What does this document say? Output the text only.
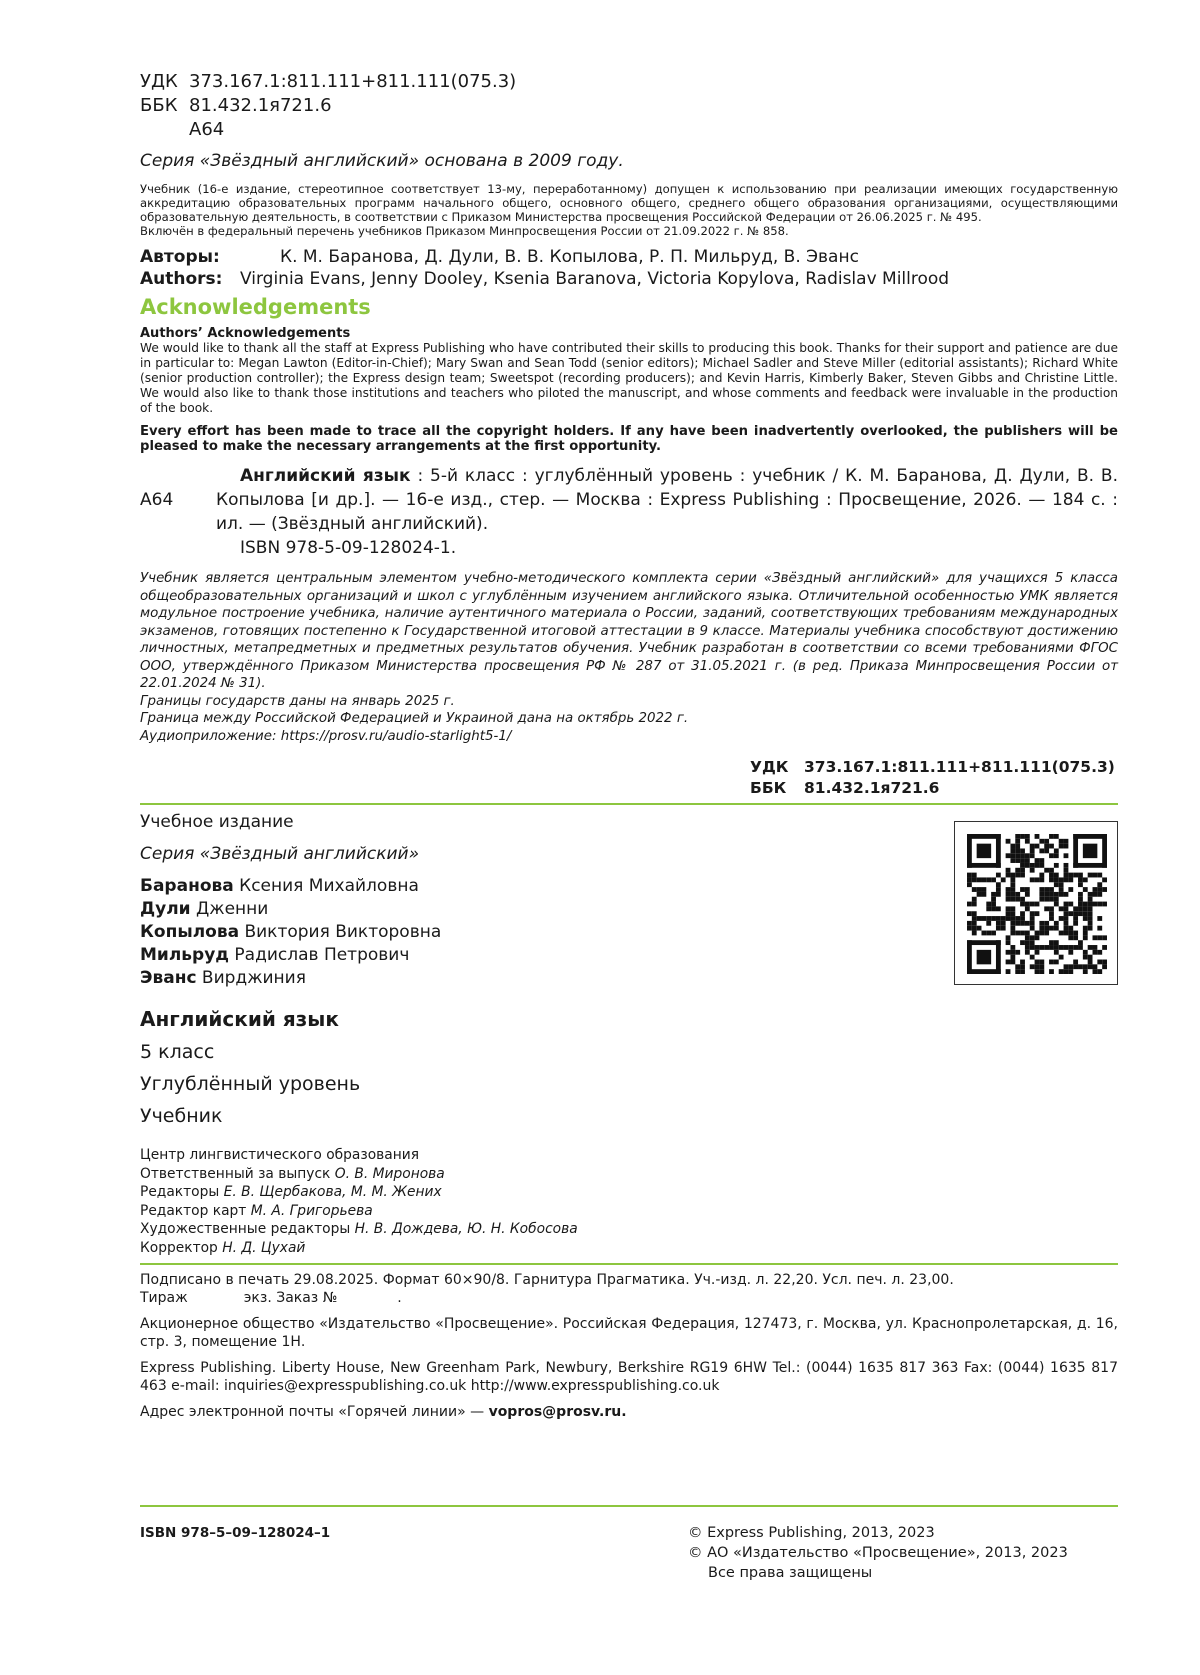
УДК 373.167.1:811.111+811.111(075.3)
ББК 81.432.1я721.6
А64
Серия «Звёздный английский» основана в 2009 году.
Учебник (16-е издание, стереотипное соответствует 13-му, переработанному) допущен к использованию при реализации имеющих государственную аккредитацию образовательных программ начального общего, основного общего, среднего общего образования организациями, осуществляющими образовательную деятельность, в соответствии с Приказом Министерства просвещения Российской Федерации от 26.06.2025 г. № 495.
Включён в федеральный перечень учебников Приказом Минпросвещения России от 21.09.2022 г. № 858.
Авторы:	К. М. Баранова, Д. Дули, В. В. Копылова, Р. П. Мильруд, В. Эванс
Authors:	Virginia Evans, Jenny Dooley, Ksenia Baranova, Victoria Kopylova, Radislav Millrood
Acknowledgements
Authors’ Acknowledgements
We would like to thank all the staff at Express Publishing who have contributed their skills to producing this book. Thanks for their support and patience are due in particular to: Megan Lawton (Editor-in-Chief); Mary Swan and Sean Todd (senior editors); Michael Sadler and Steve Miller (editorial assistants); Richard White (senior production controller); the Express design team; Sweetspot (recording producers); and Kevin Harris, Kimberly Baker, Steven Gibbs and Christine Little. We would also like to thank those institutions and teachers who piloted the manuscript, and whose comments and feedback were invaluable in the production of the book.
Every effort has been made to trace all the copyright holders. If any have been inadvertently overlooked, the publishers will be pleased to make the necessary arrangements at the first opportunity.
А64
Английский язык : 5-й класс : углублённый уровень : учебник / К. М. Баранова, Д. Дули, В. В. Копылова [и др.]. — 16-е изд., стер. — Москва : Express Publishing : Просвещение, 2026. — 184 с. : ил. — (Звёздный английский).
ISBN 978-5-09-128024-1.
Учебник является центральным элементом учебно-методического комплекта серии «Звёздный английский» для учащихся 5 класса общеобразовательных организаций и школ с углублённым изучением английского языка. Отличительной особенностью УМК является модульное построение учебника, наличие аутентичного материала о России, заданий, соответствующих требованиям международных экзаменов, готовящих постепенно к Государственной итоговой аттестации в 9 классе. Материалы учебника способствуют достижению личностных, метапредметных и предметных результатов обучения. Учебник разработан в соответствии со всеми требованиями ФГОС ООО, утверждённого Приказом Министерства просвещения РФ № 287 от 31.05.2021 г. (в ред. Приказа Минпросвещения России от 22.01.2024 № 31).
Границы государств даны на январь 2025 г.
Граница между Российской Федерацией и Украиной дана на октябрь 2022 г.
Аудиоприложение: https://prosv.ru/audio-starlight5-1/
УДК	373.167.1:811.111+811.111(075.3)
ББК	81.432.1я721.6
Учебное издание
Серия «Звёздный английский»
Баранова Ксения Михайловна
Дули Дженни
Копылова Виктория Викторовна
Мильруд Радислав Петрович
Эванс Вирджиния
Английский язык
5 класс
Углублённый уровень
Учебник
Центр лингвистического образования
Ответственный за выпуск О. В. Миронова
Редакторы Е. В. Щербакова, М. М. Жених
Редактор карт М. А. Григорьева
Художественные редакторы Н. В. Дождева, Ю. Н. Кобосова
Корректор Н. Д. Цухай
Подписано в печать 29.08.2025. Формат 60×90/8. Гарнитура Прагматика. Уч.-изд. л. 22,20. Усл. печ. л. 23,00.
Тираж	экз. Заказ №	.
Акционерное общество «Издательство «Просвещение». Российская Федерация, 127473, г. Москва, ул. Краснопролетарская, д. 16, стр. 3, помещение 1Н.
Express Publishing. Liberty House, New Greenham Park, Newbury, Berkshire RG19 6HW Tel.: (0044) 1635 817 363 Fax: (0044) 1635 817 463 e-mail: inquiries@expresspublishing.co.uk http://www.expresspublishing.co.uk
Адрес электронной почты «Горячей линии» — vopros@prosv.ru.
ISBN 978–5–09–128024–1	© Express Publishing, 2013, 2023
© АО «Издательство «Просвещение», 2013, 2023
Все права защищены
